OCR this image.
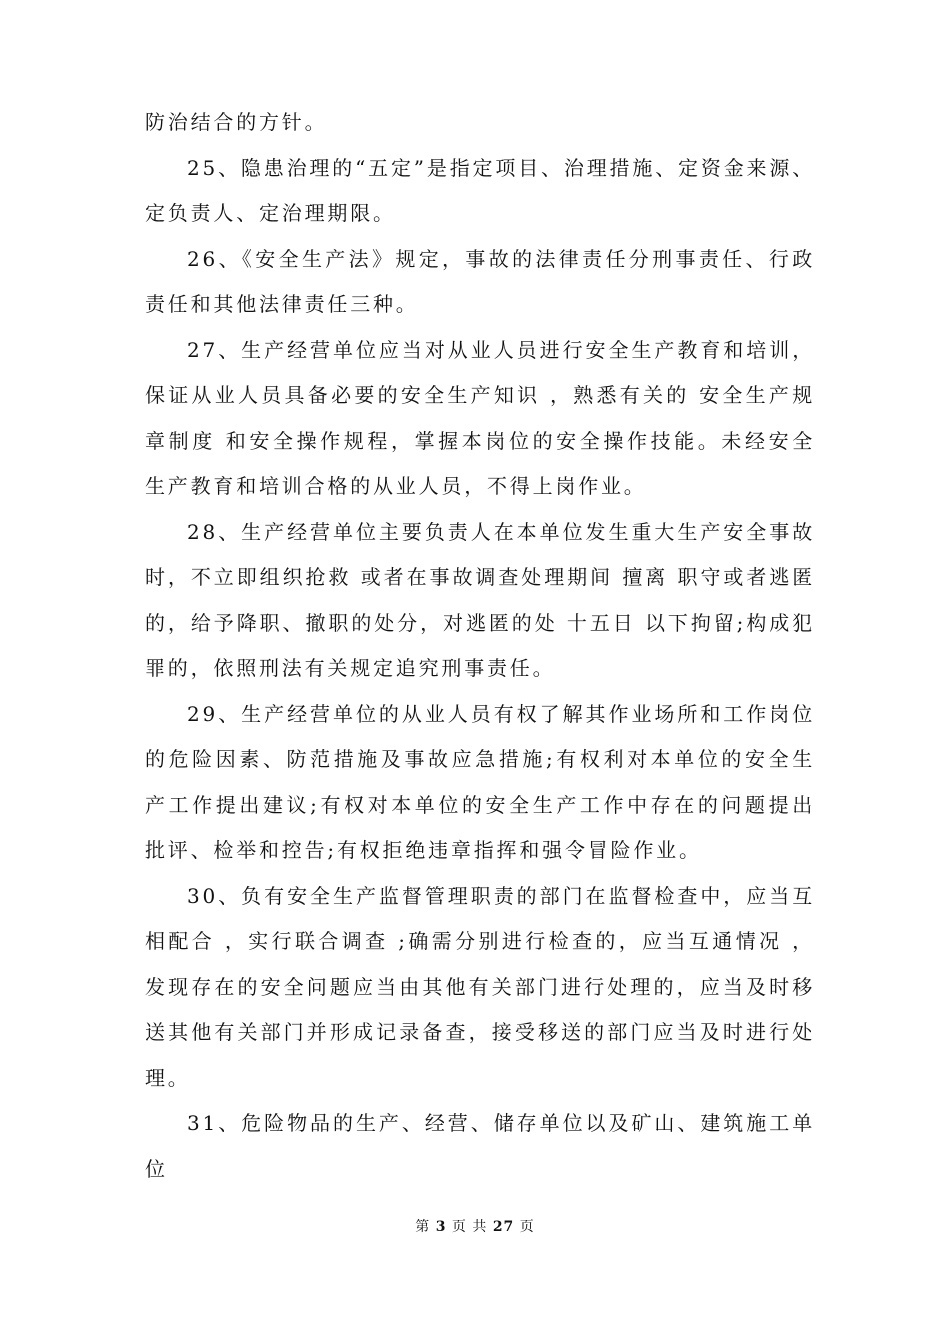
防治结合的方针。

25、隐患治理的“五定”是指定项目、治理措施、定资金来源、定负责人、定治理期限。

26、《安全生产法》规定，事故的法律责任分刑事责任、行政责任和其他法律责任三种。

27、生产经营单位应当对从业人员进行安全生产教育和培训，保证从业人员具备必要的安全生产知识 ，熟悉有关的 安全生产规章制度 和安全操作规程，掌握本岗位的安全操作技能。未经安全生产教育和培训合格的从业人员，不得上岗作业。

28、生产经营单位主要负责人在本单位发生重大生产安全事故时，不立即组织抢救 或者在事故调查处理期间 擅离 职守或者逃匿的，给予降职、撤职的处分，对逃匿的处 十五日 以下拘留;构成犯罪的，依照刑法有关规定追究刑事责任。

29、生产经营单位的从业人员有权了解其作业场所和工作岗位的危险因素、防范措施及事故应急措施;有权利对本单位的安全生产工作提出建议;有权对本单位的安全生产工作中存在的问题提出批评、检举和控告;有权拒绝违章指挥和强令冒险作业。

30、负有安全生产监督管理职责的部门在监督检查中，应当互相配合 ，实行联合调查 ;确需分别进行检查的，应当互通情况 ，发现存在的安全问题应当由其他有关部门进行处理的，应当及时移送其他有关部门并形成记录备查，接受移送的部门应当及时进行处理。

31、危险物品的生产、经营、储存单位以及矿山、建筑施工单位

第 3 页 共 27 页
